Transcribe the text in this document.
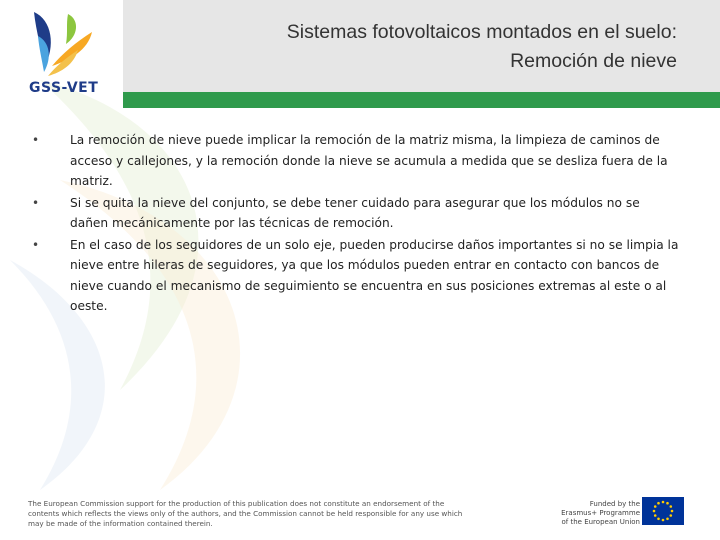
GSS-VET
Sistemas fotovoltaicos montados en el suelo:
Remoción de nieve
•	La remoción de nieve puede implicar la remoción de la matriz misma, la limpieza de caminos de acceso y callejones, y la remoción donde la nieve se acumula a medida que se desliza fuera de la matriz.
•	Si se quita la nieve del conjunto, se debe tener cuidado para asegurar que los módulos no se dañen mecánicamente por las técnicas de remoción.
•	En el caso de los seguidores de un solo eje, pueden producirse daños importantes si no se limpia la nieve entre hileras de seguidores, ya que los módulos pueden entrar en contacto con bancos de nieve cuando el mecanismo de seguimiento se encuentra en sus posiciones extremas al este o al oeste.
The European Commission support for the production of this publication does not constitute an endorsement of the
contents which reflects the views only of the authors, and the Commission cannot be held responsible for any use which
may be made of the information contained therein.
Funded by the
Erasmus+ Programme
of the European Union
